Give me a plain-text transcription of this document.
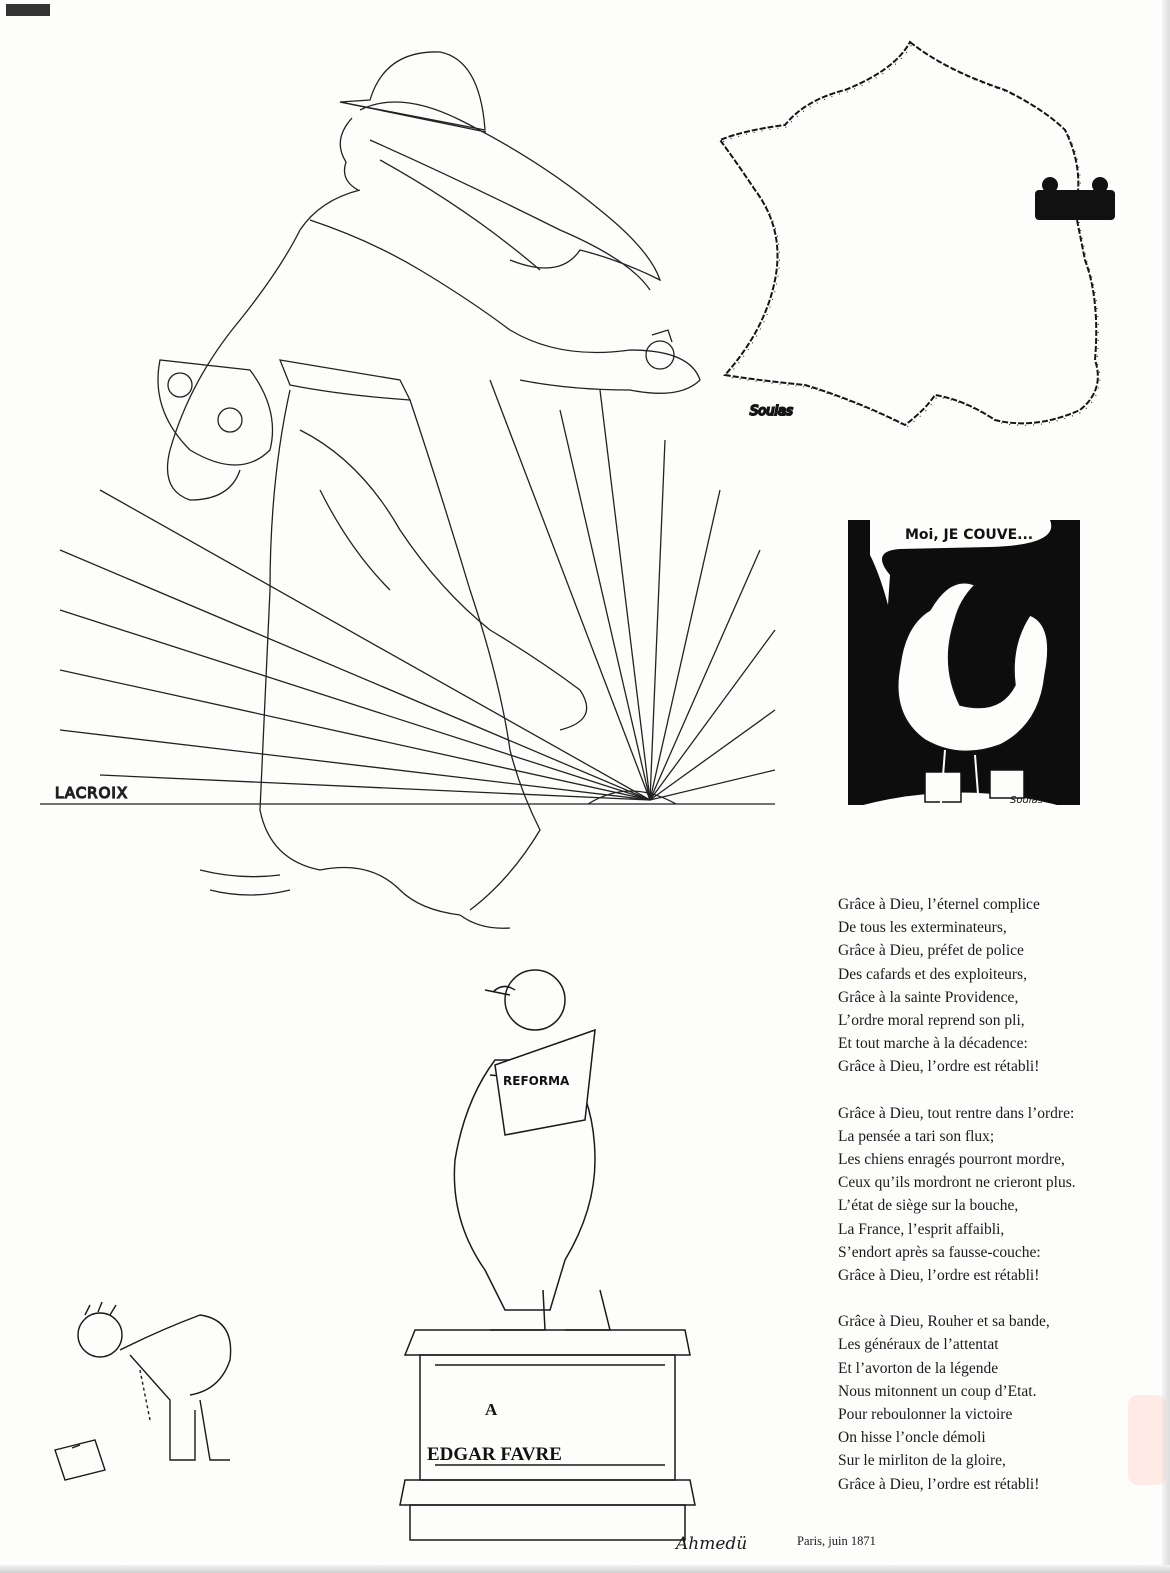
LACROIX
Soulas
Moi, JE COUVE...
Soulas
REFORMA
A
EDGAR FAVRE
Grâce à Dieu, l’éternel complice
De tous les exterminateurs,
Grâce à Dieu, préfet de police
Des cafards et des exploiteurs,
Grâce à la sainte Providence,
L’ordre moral reprend son pli,
Et tout marche à la décadence:
Grâce à Dieu, l’ordre est rétabli!
Grâce à Dieu, tout rentre dans l’ordre:
La pensée a tari son flux;
Les chiens enragés pourront mordre,
Ceux qu’ils mordront ne crieront plus.
L’état de siège sur la bouche,
La France, l’esprit affaibli,
S’endort après sa fausse-couche:
Grâce à Dieu, l’ordre est rétabli!
Grâce à Dieu, Rouher et sa bande,
Les généraux de l’attentat
Et l’avorton de la légende
Nous mitonnent un coup d’Etat.
Pour reboulonner la victoire
On hisse l’oncle démoli
Sur le mirliton de la gloire,
Grâce à Dieu, l’ordre est rétabli!
Paris, juin 1871
Ahmedü
